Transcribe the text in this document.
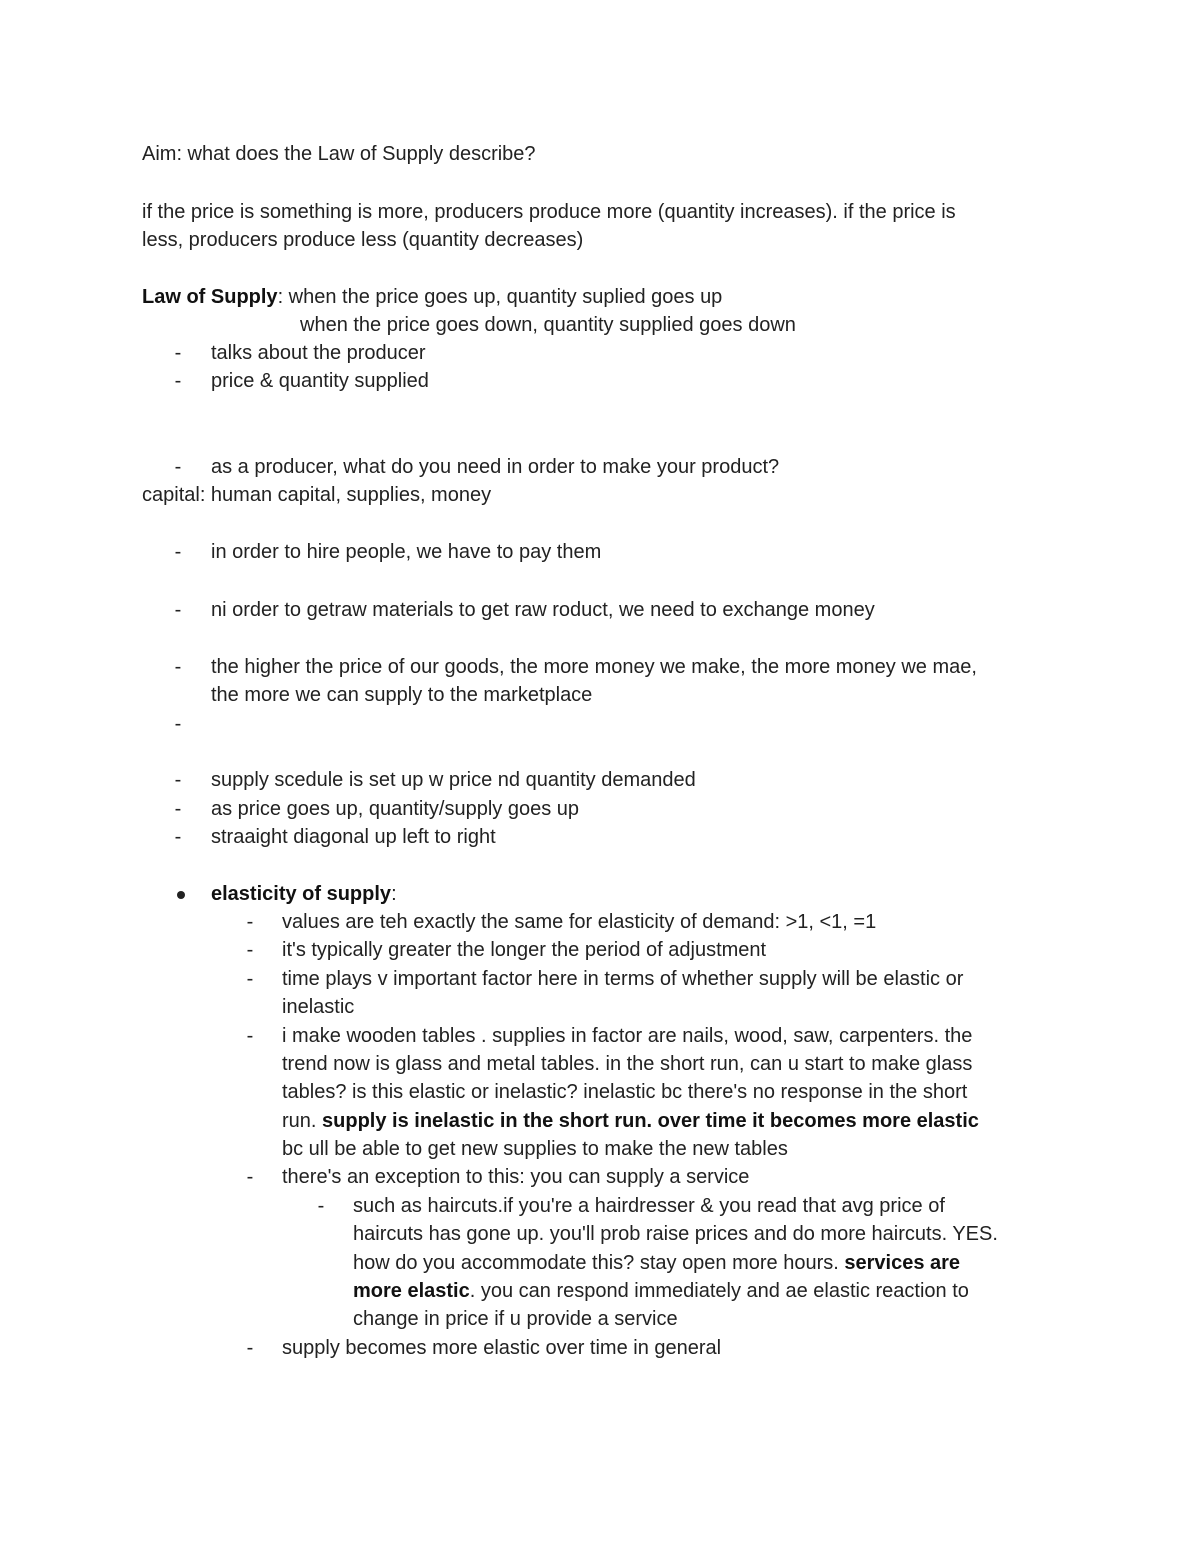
Aim: what does the Law of Supply describe?
if the price is something is more, producers produce more (quantity increases). if the price is
less, producers produce less (quantity decreases)
Law of Supply: when the price goes up, quantity suplied goes up
when the price goes down, quantity supplied goes down
-	talks about the producer
-	price & quantity supplied
-	as a producer, what do you need in order to make your product?
capital: human capital, supplies, money
-	in order to hire people, we have to pay them
-	ni order to getraw materials to get raw roduct, we need to exchange money
-	the higher the price of our goods, the more money we make, the more money we mae,
the more we can supply to the marketplace
-
-	supply scedule is set up w price nd quantity demanded
-	as price goes up, quantity/supply goes up
-	straaight diagonal up left to right
elasticity of supply:
-	values are teh exactly the same for elasticity of demand: >1, <1, =1
-	it's typically greater the longer the period of adjustment
-	time plays v important factor here in terms of whether supply will be elastic or
inelastic
-	i make wooden tables . supplies in factor are nails, wood, saw, carpenters. the
trend now is glass and metal tables. in the short run, can u start to make glass
tables? is this elastic or inelastic? inelastic bc there's no response in the short
run. supply is inelastic in the short run. over time it becomes more elastic
bc ull be able to get new supplies to make the new tables
-	there's an exception to this: you can supply a service
-	such as haircuts.if you're a hairdresser & you read that avg price of
haircuts has gone up. you'll prob raise prices and do more haircuts. YES.
how do you accommodate this? stay open more hours. services are
more elastic. you can respond immediately and ae elastic reaction to
change in price if u provide a service
-	supply becomes more elastic over time in general
